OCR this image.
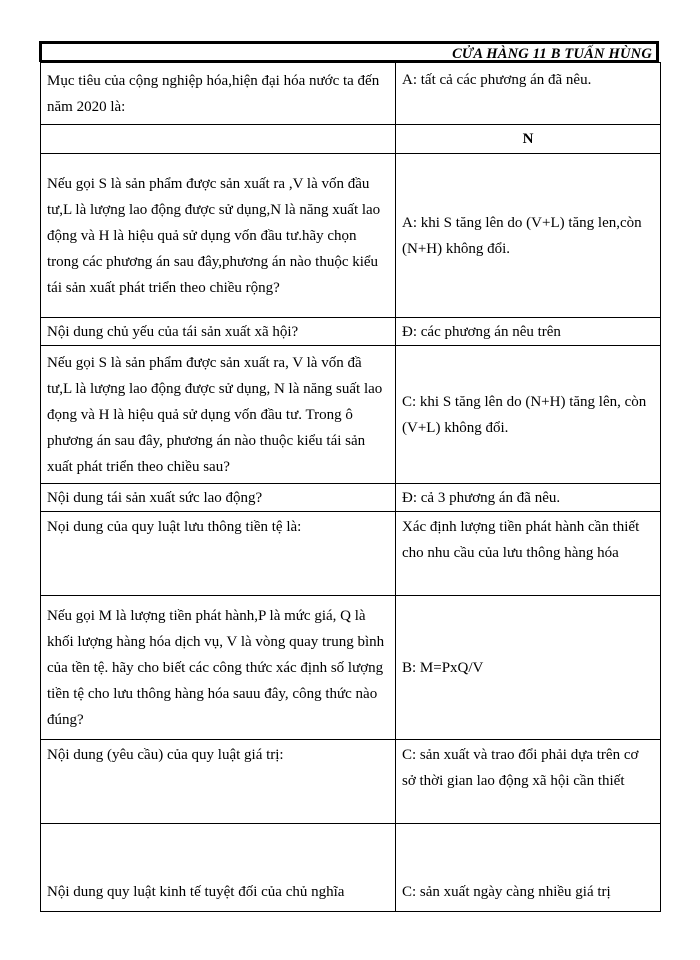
CỬA HÀNG 11 B TUẤN HÙNG
Mục tiêu của cộng nghiệp hóa,hiện đại hóa nước ta đến năm 2020 là:	A: tất cả các phương án đã nêu.
	N
Nếu gọi S là sản phẩm được sản xuất ra ,V là vốn đầu tư,L là lượng lao động được sử dụng,N là năng xuất lao động và H là hiệu quả sử dụng vốn đầu tư.hãy chọn trong các phương án sau đây,phương án nào thuộc kiểu tái sản xuất phát triển theo chiều rộng?	A: khi S tăng lên do (V+L) tăng len,còn (N+H) không đổi.
Nội dung chủ yếu của tái sản xuất xã hội?	Đ: các phương án nêu trên
Nếu gọi S là sản phẩm được sản xuất ra, V là vốn đầ tư,L là lượng lao động được sử dụng, N là năng suất lao đọng và H là hiệu quả sử dụng vốn đầu tư. Trong ô phương án sau đây, phương án nào thuộc kiểu tái sản xuất phát triển theo chiều sau?	C: khi S tăng lên do (N+H) tăng lên, còn (V+L) không đổi.
Nội dung tái sản xuất sức lao động?	Đ: cả 3 phương án đã nêu.
Nọi dung của quy luật lưu thông tiền tệ là:	Xác định lượng tiền phát hành cần thiết cho nhu cầu của lưu thông hàng hóa
Nếu gọi M là lượng tiền phát hành,P là mức giá, Q là khối lượng hàng hóa dịch vụ, V là vòng quay trung bình của tền tệ. hãy cho biết các công thức xác định số lượng tiền tệ cho lưu thông hàng hóa sauu đây, công thức nào đúng?	B: M=PxQ/V
Nội dung (yêu cầu) của quy luật giá trị:	C: sản xuất và trao đổi phải dựa trên cơ sở thời gian lao động xã hội cần thiết
Nội dung quy luật kinh tế tuyệt đối của chủ nghĩa	C: sản xuất ngày càng nhiều giá trị
